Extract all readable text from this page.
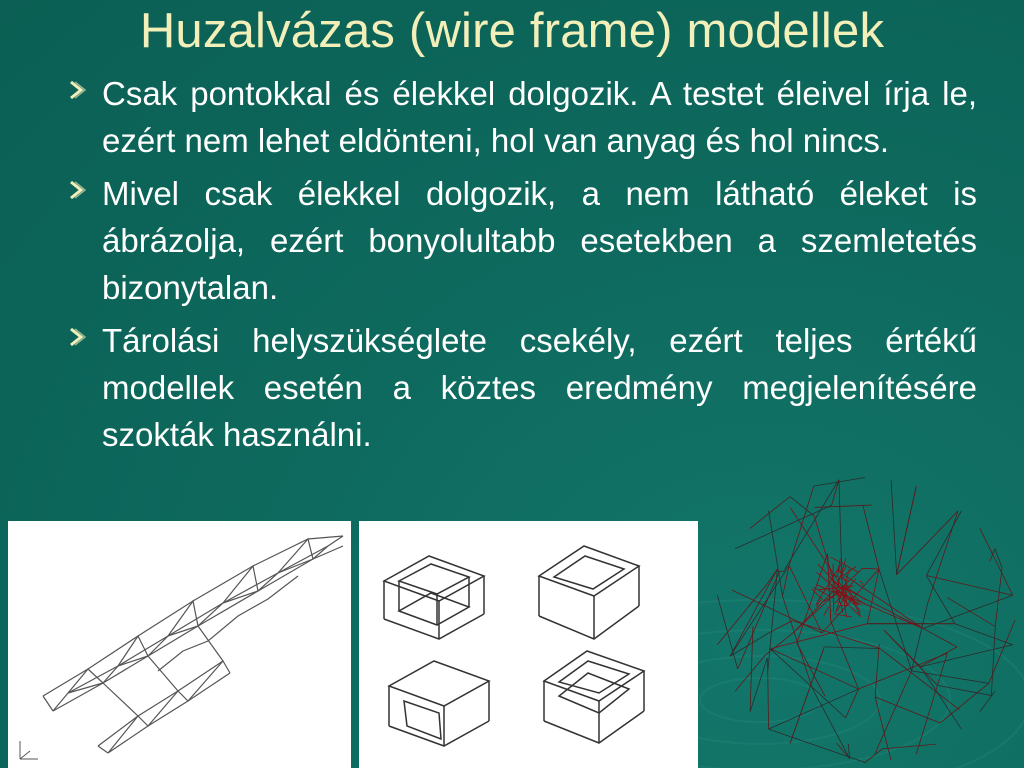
Huzalvázas (wire frame) modellek
Csak pontokkal és élekkel dolgozik. A testet éleivel írja le, ezért nem lehet eldönteni, hol van anyag és hol nincs.
Mivel csak élekkel dolgozik, a nem látható éleket is ábrázolja, ezért bonyolultabb esetekben a szemletetés bizonytalan.
Tárolási helyszükséglete csekély, ezért teljes értékű modellek esetén a köztes eredmény megjelenítésére szokták használni.
